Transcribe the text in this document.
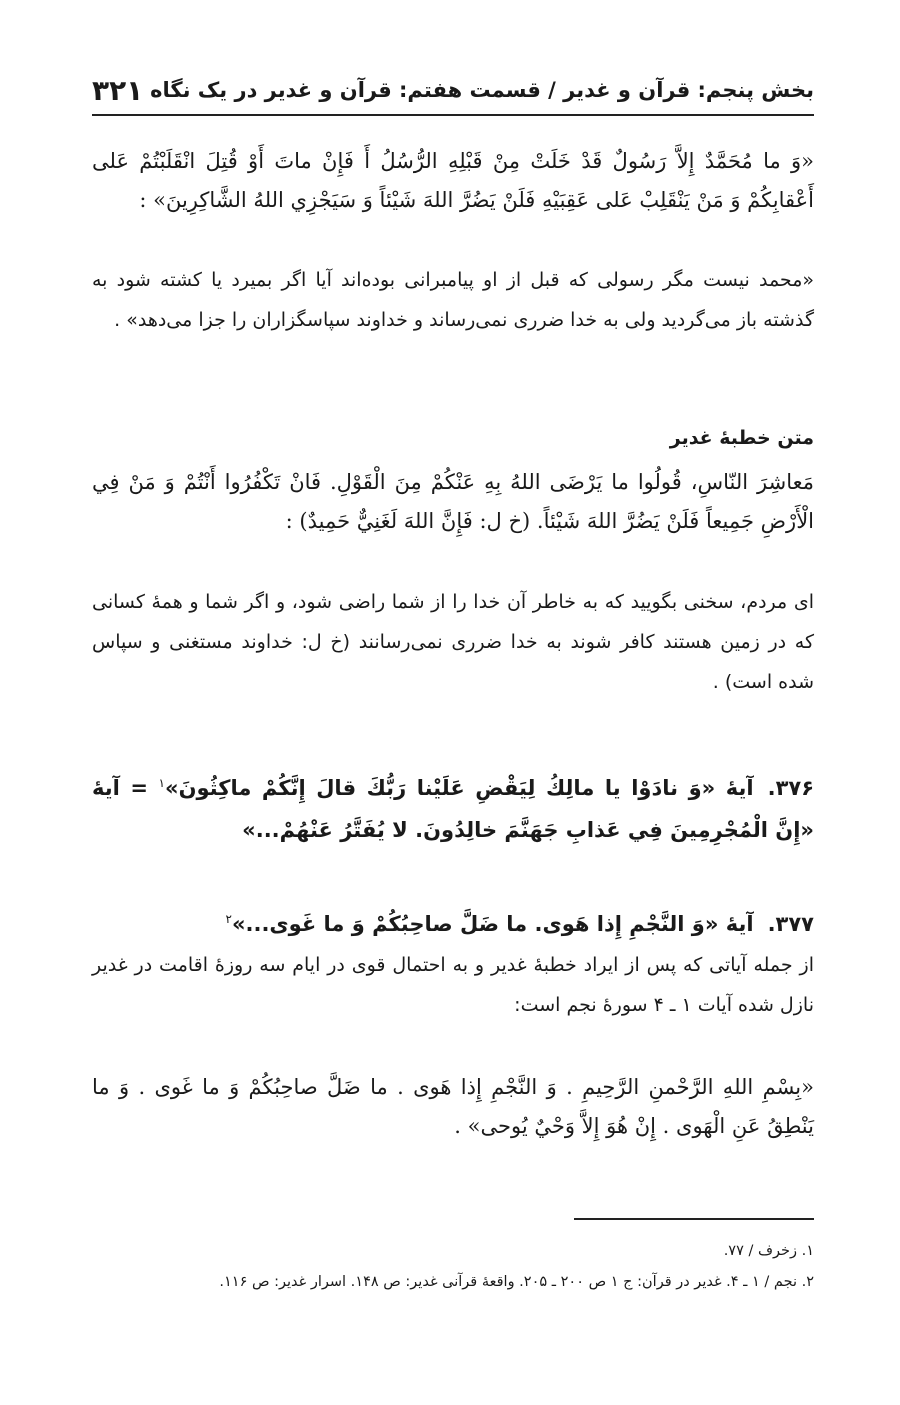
بخش پنجم: قرآن و غدیر / قسمت هفتم: قرآن و غدیر در یک نگاه
۳۲۱
«وَ ما مُحَمَّدٌ إِلاَّ رَسُولٌ قَدْ خَلَتْ مِنْ قَبْلِهِ الرُّسُلُ أَ فَإِنْ ماتَ أَوْ قُتِلَ انْقَلَبْتُمْ عَلى أَعْقابِكُمْ وَ مَنْ يَنْقَلِبْ عَلى عَقِبَيْهِ فَلَنْ يَضُرَّ اللهَ شَيْئاً وَ سَيَجْزِي اللهُ الشَّاكِرِينَ» :
«محمد نیست مگر رسولی که قبل از او پیامبرانی بوده‌اند آیا اگر بمیرد یا کشته شود به گذشته باز می‌گردید ولی به خدا ضرری نمی‌رساند و خداوند سپاسگزاران را جزا می‌دهد» .
متن خطبهٔ غدیر
مَعاشِرَ النّاسِ، قُولُوا ما يَرْضَى اللهُ بِهِ عَنْكُمْ مِنَ الْقَوْلِ. فَانْ تَكْفُرُوا أَنْتُمْ وَ مَنْ فِي الْأَرْضِ جَمِيعاً فَلَنْ يَضُرَّ اللهَ شَيْئاً. (خ ل: فَإِنَّ اللهَ لَغَنِيٌّ حَمِيدٌ) :
ای مردم، سخنی بگویید که به خاطر آن خدا را از شما راضی شود، و اگر شما و همهٔ کسانی که در زمین هستند کافر شوند به خدا ضرری نمی‌رسانند (خ ل: خداوند مستغنی و سپاس شده است) .
۳۷۶.آیهٔ «وَ نادَوْا يا مالِكُ لِيَقْضِ عَلَيْنا رَبُّكَ قالَ إِنَّكُمْ ماكِثُونَ»$^۱$ = آیهٔ «إِنَّ الْمُجْرِمِينَ فِي عَذابِ جَهَنَّمَ خالِدُونَ. لا يُفَتَّرُ عَنْهُمْ...»
۳۷۷.آیهٔ «وَ النَّجْمِ إِذا هَوى. ما ضَلَّ صاحِبُكُمْ وَ ما غَوى...»$^۲$
از جمله آیاتی که پس از ایراد خطبهٔ غدیر و به احتمال قوی در ایام سه روزهٔ اقامت در غدیر نازل شده آیات ۱ ـ ۴ سورهٔ نجم است:
«بِسْمِ اللهِ الرَّحْمنِ الرَّحِيمِ . وَ النَّجْمِ إِذا هَوى . ما ضَلَّ صاحِبُكُمْ وَ ما غَوى . وَ ما يَنْطِقُ عَنِ الْهَوى . إِنْ هُوَ إِلاَّ وَحْيٌ يُوحى» .
۱. زخرف / ۷۷.
۲. نجم / ۱ ـ ۴. غدیر در قرآن: ج ۱ ص ۲۰۰ ـ ۲۰۵. واقعهٔ قرآنی غدیر: ص ۱۴۸. اسرار غدیر: ص ۱۱۶.
